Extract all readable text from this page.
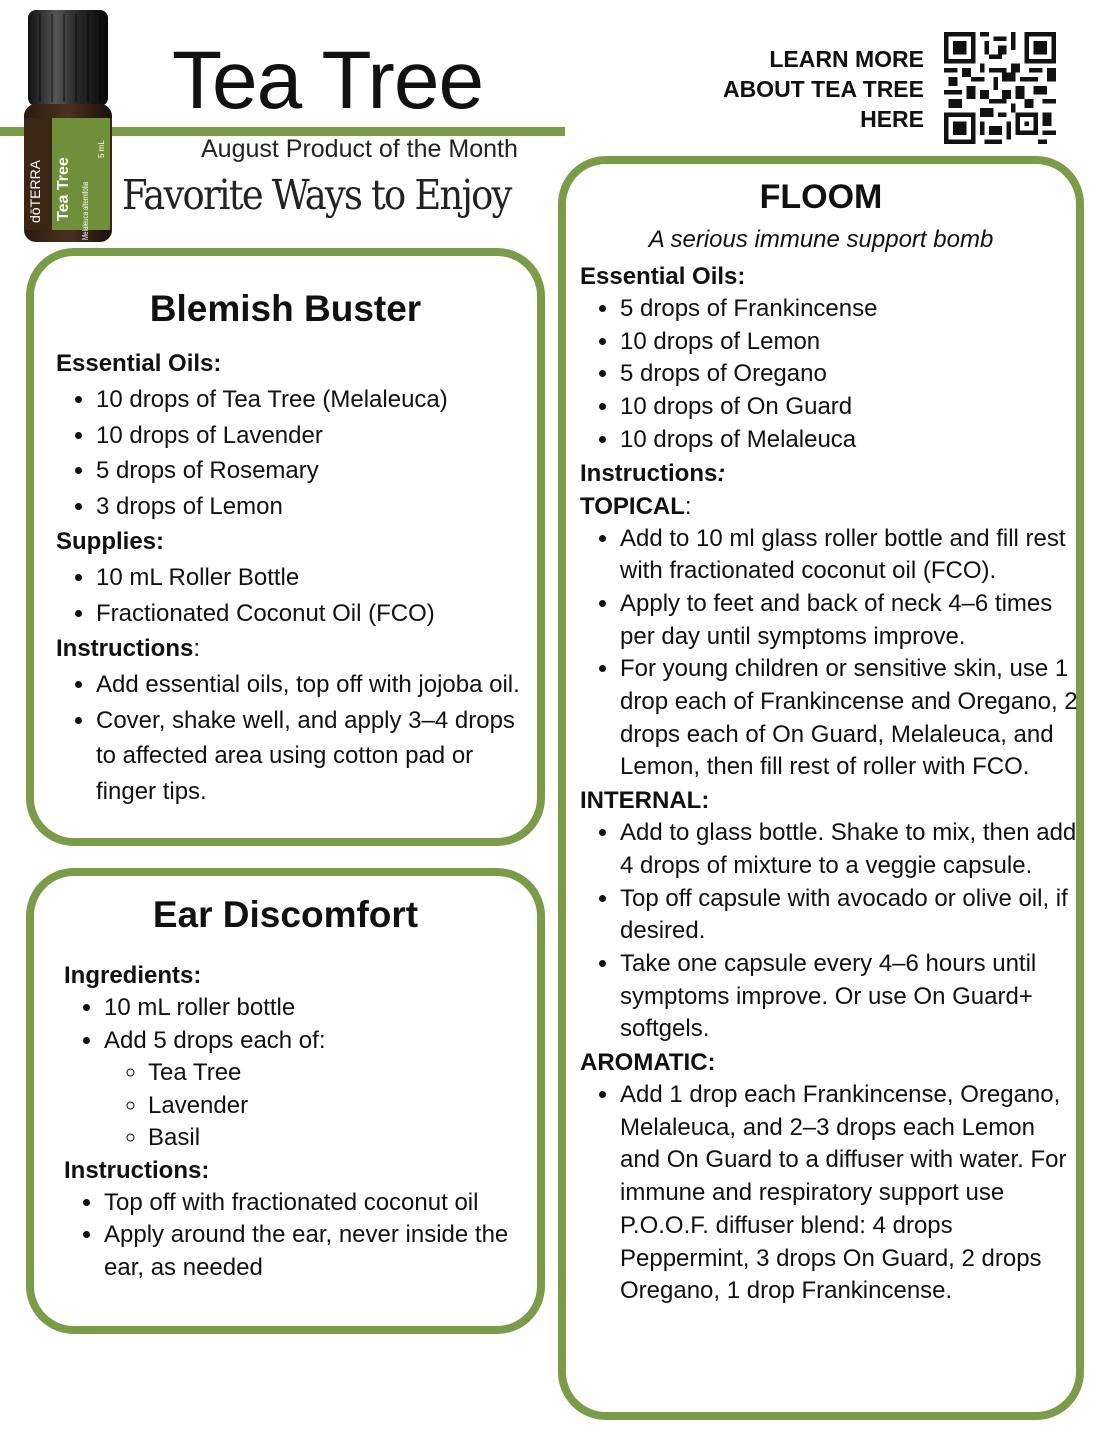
dōTERRA Tea Tree Melaleuca alternifolia
5 mL
Tea Tree
August Product of the Month
Favorite Ways to Enjoy
LEARN MORE
ABOUT TEA TREE
HERE
Blemish Buster

Essential Oils:

• 10 drops of Tea Tree (Melaleuca)
• 10 drops of Lavender
• 5 drops of Rosemary
• 3 drops of Lemon

Supplies:

• 10 mL Roller Bottle
• Fractionated Coconut Oil (FCO)

Instructions:

• Add essential oils, top off with jojoba oil.
• Cover, shake well, and apply 3–4 drops to affected area using cotton pad or finger tips.
Ear Discomfort

Ingredients:

• 10 mL roller bottle
• Add 5 drops each of:
◦ Tea Tree
◦ Lavender
◦ Basil

Instructions:

• Top off with fractionated coconut oil
• Apply around the ear, never inside the ear, as needed
FLOOM
A serious immune support bomb

Essential Oils:

• 5 drops of Frankincense
• 10 drops of Lemon
• 5 drops of Oregano
• 10 drops of On Guard
• 10 drops of Melaleuca

Instructions:

TOPICAL:

• Add to 10 ml glass roller bottle and fill rest with fractionated coconut oil (FCO).
• Apply to feet and back of neck 4–6 times per day until symptoms improve.
• For young children or sensitive skin, use 1 drop each of Frankincense and Oregano, 2 drops each of On Guard, Melaleuca, and Lemon, then fill rest of roller with FCO.

INTERNAL:

• Add to glass bottle. Shake to mix, then add 4 drops of mixture to a veggie capsule.
• Top off capsule with avocado or olive oil, if desired.
• Take one capsule every 4–6 hours until symptoms improve. Or use On Guard+ softgels.

AROMATIC:

• Add 1 drop each Frankincense, Oregano, Melaleuca, and 2–3 drops each Lemon and On Guard to a diffuser with water. For immune and respiratory support use P.O.O.F. diffuser blend: 4 drops Peppermint, 3 drops On Guard, 2 drops Oregano, 1 drop Frankincense.
